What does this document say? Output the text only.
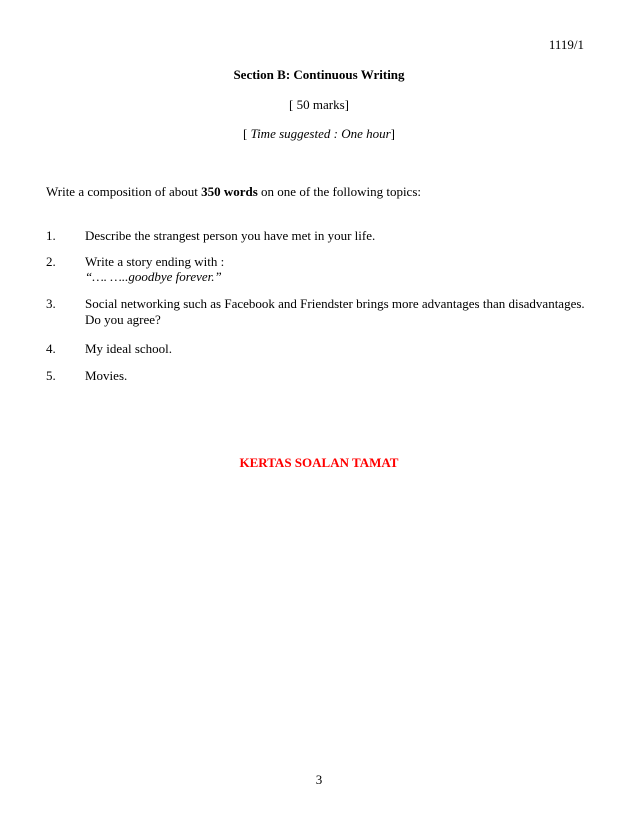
1119/1
Section B: Continuous Writing
[ 50 marks]
[ Time suggested : One hour]
Write a composition of about 350 words on one of the following topics:
1. Describe the strangest person you have met in your life.
2. Write a story ending with :
“…. …..goodbye forever.”
3. Social networking such as Facebook and Friendster brings more advantages than disadvantages. Do you agree?
4. My ideal school.
5. Movies.
KERTAS SOALAN TAMAT
3
